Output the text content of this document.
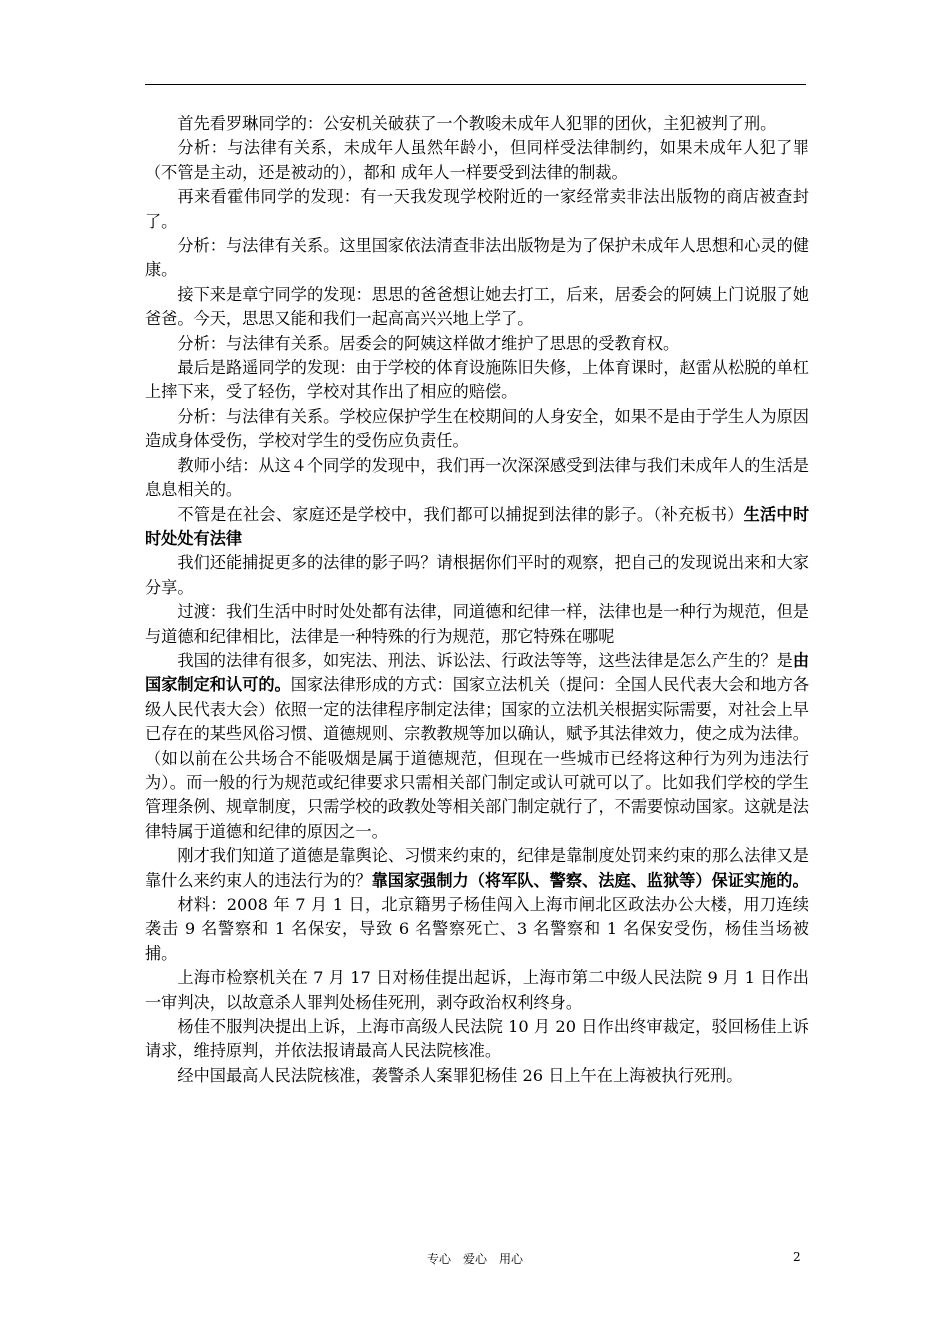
首先看罗琳同学的：公安机关破获了一个教唆未成年人犯罪的团伙，主犯被判了刑。

分析：与法律有关系，未成年人虽然年龄小，但同样受法律制约，如果未成年人犯了罪（不管是主动，还是被动的），都和 成年人一样要受到法律的制裁。

再来看霍伟同学的发现：有一天我发现学校附近的一家经常卖非法出版物的商店被查封了。

分析：与法律有关系。这里国家依法清查非法出版物是为了保护未成年人思想和心灵的健康。

接下来是章宁同学的发现：思思的爸爸想让她去打工，后来，居委会的阿姨上门说服了她爸爸。今天，思思又能和我们一起高高兴兴地上学了。

分析：与法律有关系。居委会的阿姨这样做才维护了思思的受教育权。

最后是路遥同学的发现：由于学校的体育设施陈旧失修，上体育课时，赵雷从松脱的单杠上摔下来，受了轻伤，学校对其作出了相应的赔偿。

分析：与法律有关系。学校应保护学生在校期间的人身安全，如果不是由于学生人为原因造成身体受伤，学校对学生的受伤应负责任。

教师小结：从这４个同学的发现中，我们再一次深深感受到法律与我们未成年人的生活是息息相关的。

不管是在社会、家庭还是学校中，我们都可以捕捉到法律的影子。（补充板书）生活中时时处处有法律

我们还能捕捉更多的法律的影子吗？请根据你们平时的观察，把自己的发现说出来和大家分享。

过渡：我们生活中时时处处都有法律，同道德和纪律一样，法律也是一种行为规范，但是与道德和纪律相比，法律是一种特殊的行为规范，那它特殊在哪呢

我国的法律有很多，如宪法、刑法、诉讼法、行政法等等，这些法律是怎么产生的？是由国家制定和认可的。国家法律形成的方式：国家立法机关（提问：全国人民代表大会和地方各级人民代表大会）依照一定的法律程序制定法律；国家的立法机关根据实际需要，对社会上早已存在的某些风俗习惯、道德规则、宗教教规等加以确认，赋予其法律效力，使之成为法律。（如以前在公共场合不能吸烟是属于道德规范，但现在一些城市已经将这种行为列为违法行为）。而一般的行为规范或纪律要求只需相关部门制定或认可就可以了。比如我们学校的学生管理条例、规章制度，只需学校的政教处等相关部门制定就行了，不需要惊动国家。这就是法律特属于道德和纪律的原因之一。

刚才我们知道了道德是靠舆论、习惯来约束的，纪律是靠制度处罚来约束的那么法律又是靠什么来约束人的违法行为的？靠国家强制力（将军队、警察、法庭、监狱等）保证实施的。

材料：2008 年 7 月 1 日，北京籍男子杨佳闯入上海市闸北区政法办公大楼，用刀连续袭击 9 名警察和 1 名保安，导致 6 名警察死亡、3 名警察和 1 名保安受伤，杨佳当场被捕。

上海市检察机关在 7 月 17 日对杨佳提出起诉，上海市第二中级人民法院 9 月 1 日作出一审判决，以故意杀人罪判处杨佳死刑，剥夺政治权利终身。

杨佳不服判决提出上诉，上海市高级人民法院 10 月 20 日作出终审裁定，驳回杨佳上诉请求，维持原判，并依法报请最高人民法院核准。

经中国最高人民法院核准，袭警杀人案罪犯杨佳 26 日上午在上海被执行死刑。

专心　爱心　用心	2
